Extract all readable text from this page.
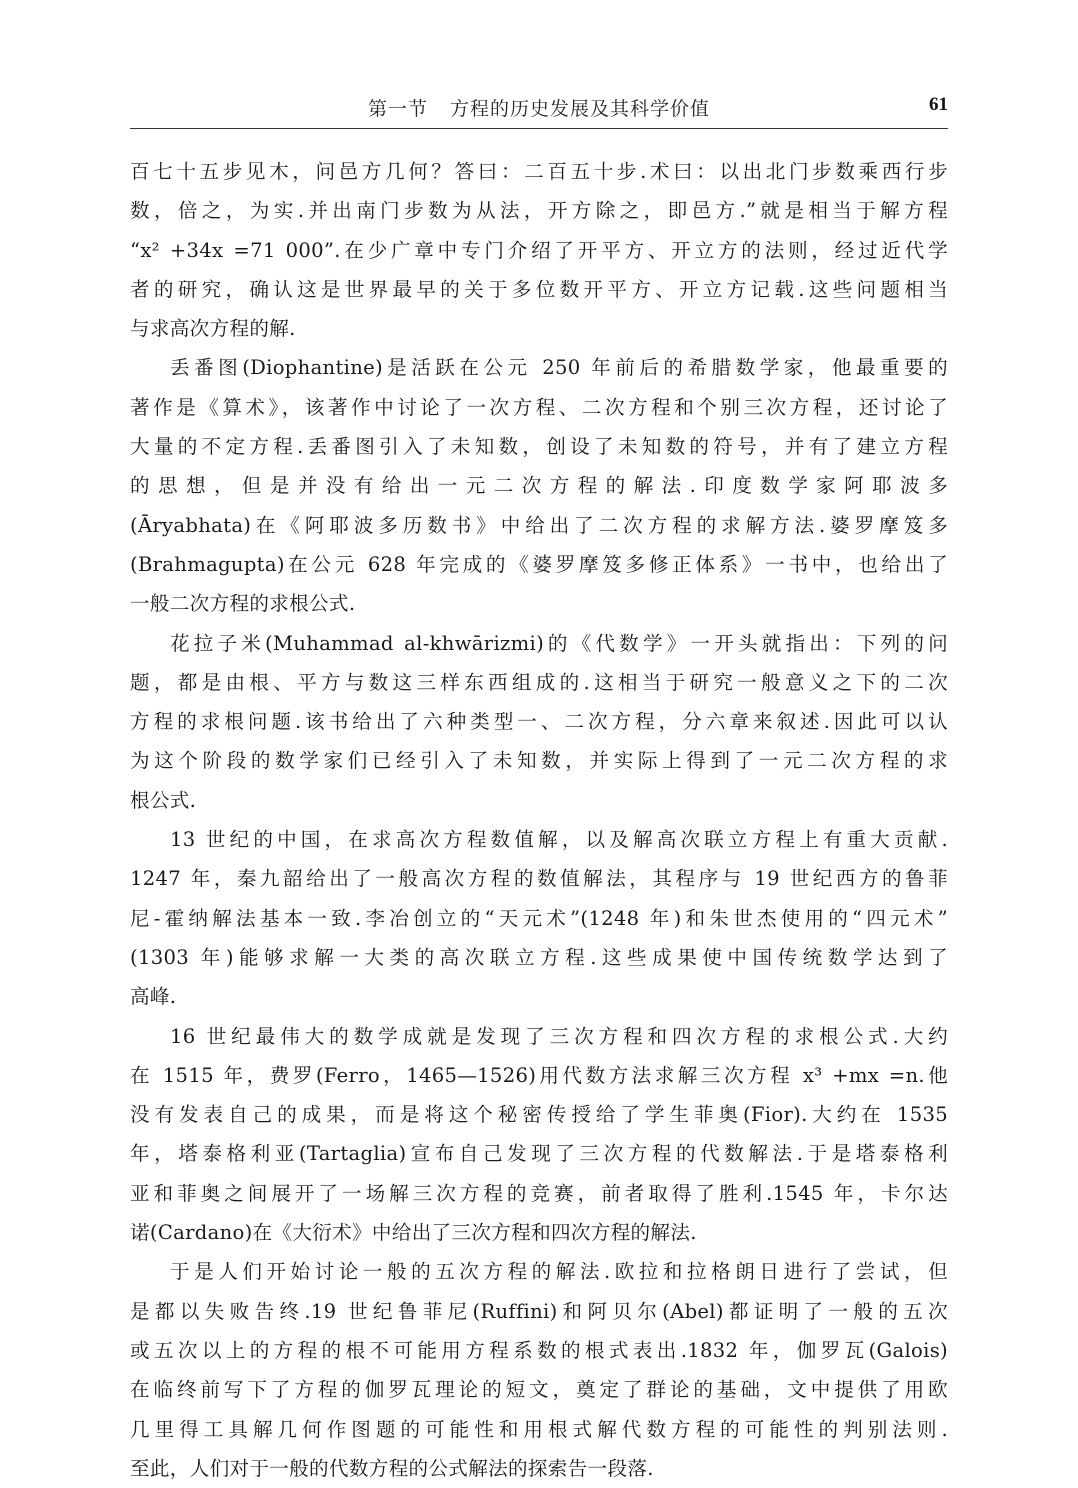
第一节 方程的历史发展及其科学价值	61
百七十五步见木，问邑方几何？答曰：二百五十步.术曰：以出北门步数乘西行步
数，倍之，为实.并出南门步数为从法，开方除之，即邑方.”就是相当于解方程
“x² +34x =71 000”.在少广章中专门介绍了开平方、开立方的法则，经过近代学
者的研究，确认这是世界最早的关于多位数开平方、开立方记载.这些问题相当
与求高次方程的解.
丢番图(Diophantine)是活跃在公元 250 年前后的希腊数学家，他最重要的
著作是《算术》，该著作中讨论了一次方程、二次方程和个别三次方程，还讨论了
大量的不定方程.丢番图引入了未知数，创设了未知数的符号，并有了建立方程
的思想，但是并没有给出一元二次方程的解法.印度数学家阿耶波多
(Āryabhata)在《阿耶波多历数书》中给出了二次方程的求解方法.婆罗摩笈多
(Brahmagupta)在公元 628 年完成的《婆罗摩笈多修正体系》一书中，也给出了
一般二次方程的求根公式.
花拉子米(Muhammad al-khwārizmi)的《代数学》一开头就指出：下列的问
题，都是由根、平方与数这三样东西组成的.这相当于研究一般意义之下的二次
方程的求根问题.该书给出了六种类型一、二次方程，分六章来叙述.因此可以认
为这个阶段的数学家们已经引入了未知数，并实际上得到了一元二次方程的求
根公式.
13 世纪的中国，在求高次方程数值解，以及解高次联立方程上有重大贡献.
1247 年，秦九韶给出了一般高次方程的数值解法，其程序与 19 世纪西方的鲁菲
尼-霍纳解法基本一致.李冶创立的“天元术”(1248 年)和朱世杰使用的“四元术”
(1303 年)能够求解一大类的高次联立方程.这些成果使中国传统数学达到了
高峰.
16 世纪最伟大的数学成就是发现了三次方程和四次方程的求根公式.大约
在 1515 年，费罗(Ferro，1465—1526)用代数方法求解三次方程 x³ +mx =n.他
没有发表自己的成果，而是将这个秘密传授给了学生菲奥(Fior).大约在 1535
年，塔泰格利亚(Tartaglia)宣布自己发现了三次方程的代数解法.于是塔泰格利
亚和菲奥之间展开了一场解三次方程的竞赛，前者取得了胜利.1545 年，卡尔达
诺(Cardano)在《大衍术》中给出了三次方程和四次方程的解法.
于是人们开始讨论一般的五次方程的解法.欧拉和拉格朗日进行了尝试，但
是都以失败告终.19 世纪鲁菲尼(Ruffini)和阿贝尔(Abel)都证明了一般的五次
或五次以上的方程的根不可能用方程系数的根式表出.1832 年，伽罗瓦(Galois)
在临终前写下了方程的伽罗瓦理论的短文，奠定了群论的基础，文中提供了用欧
几里得工具解几何作图题的可能性和用根式解代数方程的可能性的判别法则.
至此，人们对于一般的代数方程的公式解法的探索告一段落.
